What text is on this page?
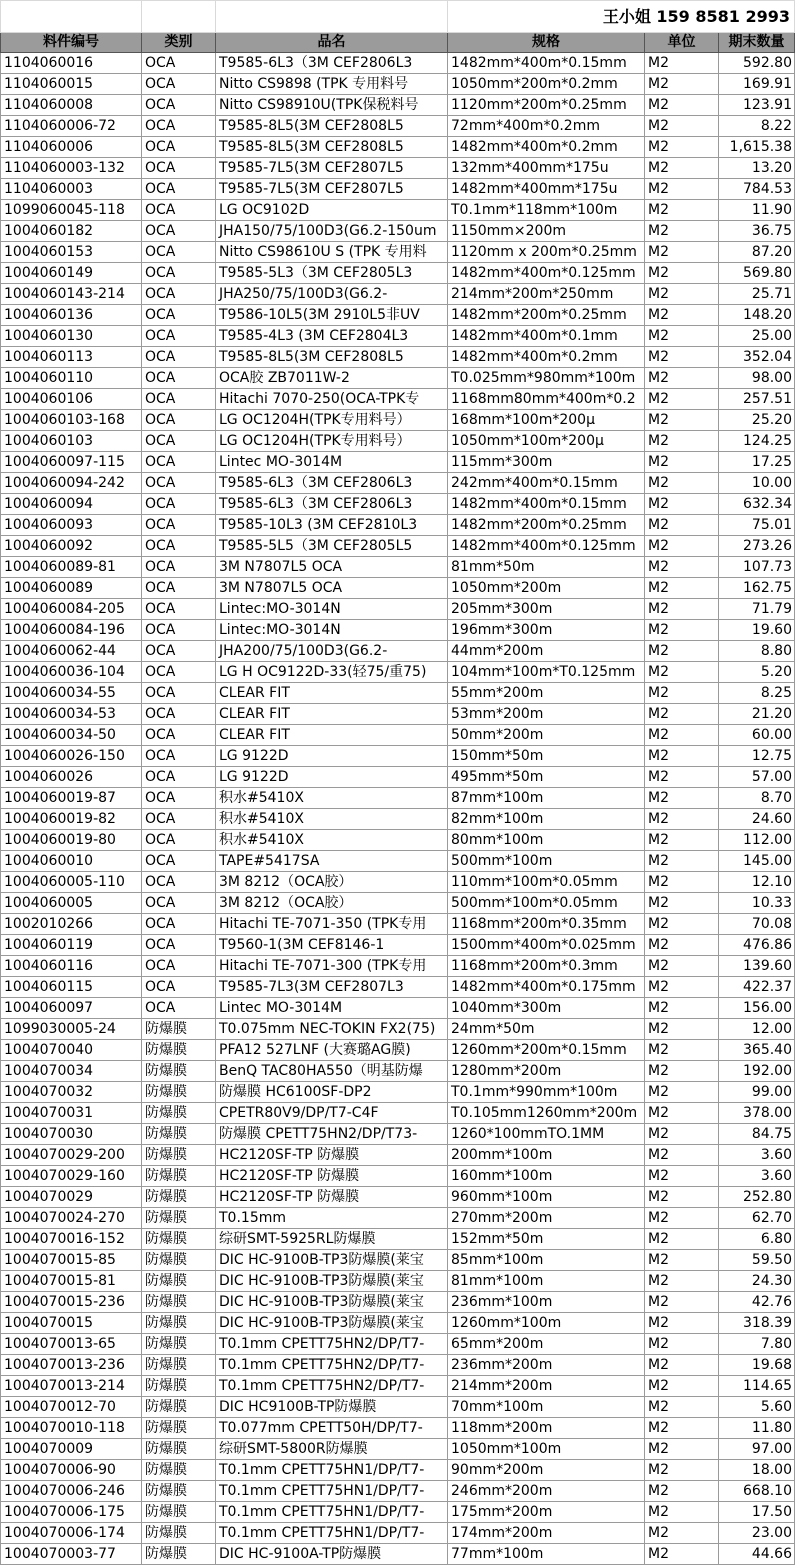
			王小姐 159 8581 2993		
料件编号	类别	品名	规格	单位	期末数量
1104060016	OCA	T9585-6L3（3M CEF2806L3	1482mm*400m*0.15mm	M2	592.80
1104060015	OCA	Nitto CS9898 (TPK 专用料号	1050mm*200m*0.2mm	M2	169.91
1104060008	OCA	Nitto CS98910U(TPK保税料号	1120mm*200m*0.25mm	M2	123.91
1104060006-72	OCA	T9585-8L5(3M CEF2808L5	72mm*400m*0.2mm	M2	8.22
1104060006	OCA	T9585-8L5(3M CEF2808L5	1482mm*400m*0.2mm	M2	1,615.38
1104060003-132	OCA	T9585-7L5(3M CEF2807L5	132mm*400mm*175u	M2	13.20
1104060003	OCA	T9585-7L5(3M CEF2807L5	1482mm*400mm*175u	M2	784.53
1099060045-118	OCA	LG OC9102D	T0.1mm*118mm*100m	M2	11.90
1004060182	OCA	JHA150/75/100D3(G6.2-150um	1150mm×200m	M2	36.75
1004060153	OCA	Nitto CS98610U S (TPK 专用料	1120mm x 200m*0.25mm	M2	87.20
1004060149	OCA	T9585-5L3（3M CEF2805L3	1482mm*400m*0.125mm	M2	569.80
1004060143-214	OCA	JHA250/75/100D3(G6.2-	214mm*200m*250mm	M2	25.71
1004060136	OCA	T9586-10L5(3M 2910L5非UV	1482mm*200m*0.25mm	M2	148.20
1004060130	OCA	T9585-4L3 (3M CEF2804L3	1482mm*400m*0.1mm	M2	25.00
1004060113	OCA	T9585-8L5(3M CEF2808L5	1482mm*400m*0.2mm	M2	352.04
1004060110	OCA	OCA胶 ZB7011W-2	T0.025mm*980mm*100m	M2	98.00
1004060106	OCA	Hitachi 7070-250(OCA-TPK专	1168mm80mm*400m*0.2	M2	257.51
1004060103-168	OCA	LG OC1204H(TPK专用料号）	168mm*100m*200μ	M2	25.20
1004060103	OCA	LG OC1204H(TPK专用料号）	1050mm*100m*200μ	M2	124.25
1004060097-115	OCA	Lintec MO-3014M	115mm*300m	M2	17.25
1004060094-242	OCA	T9585-6L3（3M CEF2806L3	242mm*400m*0.15mm	M2	10.00
1004060094	OCA	T9585-6L3（3M CEF2806L3	1482mm*400m*0.15mm	M2	632.34
1004060093	OCA	T9585-10L3 (3M CEF2810L3	1482mm*200m*0.25mm	M2	75.01
1004060092	OCA	T9585-5L5（3M CEF2805L5	1482mm*400m*0.125mm	M2	273.26
1004060089-81	OCA	3M N7807L5 OCA	81mm*50m	M2	107.73
1004060089	OCA	3M N7807L5 OCA	1050mm*200m	M2	162.75
1004060084-205	OCA	Lintec:MO-3014N	205mm*300m	M2	71.79
1004060084-196	OCA	Lintec:MO-3014N	196mm*300m	M2	19.60
1004060062-44	OCA	JHA200/75/100D3(G6.2-	44mm*200m	M2	8.80
1004060036-104	OCA	LG H OC9122D-33(轻75/重75)	104mm*100m*T0.125mm	M2	5.20
1004060034-55	OCA	CLEAR FIT	55mm*200m	M2	8.25
1004060034-53	OCA	CLEAR FIT	53mm*200m	M2	21.20
1004060034-50	OCA	CLEAR FIT	50mm*200m	M2	60.00
1004060026-150	OCA	LG 9122D	150mm*50m	M2	12.75
1004060026	OCA	LG 9122D	495mm*50m	M2	57.00
1004060019-87	OCA	积水#5410X	87mm*100m	M2	8.70
1004060019-82	OCA	积水#5410X	82mm*100m	M2	24.60
1004060019-80	OCA	积水#5410X	80mm*100m	M2	112.00
1004060010	OCA	TAPE#5417SA	500mm*100m	M2	145.00
1004060005-110	OCA	3M 8212（OCA胶）	110mm*100m*0.05mm	M2	12.10
1004060005	OCA	3M 8212（OCA胶）	500mm*100m*0.05mm	M2	10.33
1002010266	OCA	Hitachi TE-7071-350 (TPK专用	1168mm*200m*0.35mm	M2	70.08
1004060119	OCA	T9560-1(3M CEF8146-1	1500mm*400m*0.025mm	M2	476.86
1004060116	OCA	Hitachi TE-7071-300 (TPK专用	1168mm*200m*0.3mm	M2	139.60
1004060115	OCA	T9585-7L3(3M CEF2807L3	1482mm*400m*0.175mm	M2	422.37
1004060097	OCA	Lintec MO-3014M	1040mm*300m	M2	156.00
1099030005-24	防爆膜	T0.075mm NEC-TOKIN FX2(75)	24mm*50m	M2	12.00
1004070040	防爆膜	PFA12 527LNF (大赛璐AG膜)	1260mm*200m*0.15mm	M2	365.40
1004070034	防爆膜	BenQ TAC80HA550（明基防爆	1280mm*200m	M2	192.00
1004070032	防爆膜	防爆膜 HC6100SF-DP2	T0.1mm*990mm*100m	M2	99.00
1004070031	防爆膜	CPETR80V9/DP/T7-C4F	T0.105mm1260mm*200m	M2	378.00
1004070030	防爆膜	防爆膜 CPETT75HN2/DP/T73-	1260*100mmTO.1MM	M2	84.75
1004070029-200	防爆膜	HC2120SF-TP 防爆膜	200mm*100m	M2	3.60
1004070029-160	防爆膜	HC2120SF-TP 防爆膜	160mm*100m	M2	3.60
1004070029	防爆膜	HC2120SF-TP 防爆膜	960mm*100m	M2	252.80
1004070024-270	防爆膜	T0.15mm	270mm*200m	M2	62.70
1004070016-152	防爆膜	综研SMT-5925RL防爆膜	152mm*50m	M2	6.80
1004070015-85	防爆膜	DIC HC-9100B-TP3防爆膜(莱宝	85mm*100m	M2	59.50
1004070015-81	防爆膜	DIC HC-9100B-TP3防爆膜(莱宝	81mm*100m	M2	24.30
1004070015-236	防爆膜	DIC HC-9100B-TP3防爆膜(莱宝	236mm*100m	M2	42.76
1004070015	防爆膜	DIC HC-9100B-TP3防爆膜(莱宝	1260mm*100m	M2	318.39
1004070013-65	防爆膜	T0.1mm CPETT75HN2/DP/T7-	65mm*200m	M2	7.80
1004070013-236	防爆膜	T0.1mm CPETT75HN2/DP/T7-	236mm*200m	M2	19.68
1004070013-214	防爆膜	T0.1mm CPETT75HN2/DP/T7-	214mm*200m	M2	114.65
1004070012-70	防爆膜	DIC HC9100B-TP防爆膜	70mm*100m	M2	5.60
1004070010-118	防爆膜	T0.077mm CPETT50H/DP/T7-	118mm*200m	M2	11.80
1004070009	防爆膜	综研SMT-5800R防爆膜	1050mm*100m	M2	97.00
1004070006-90	防爆膜	T0.1mm CPETT75HN1/DP/T7-	90mm*200m	M2	18.00
1004070006-246	防爆膜	T0.1mm CPETT75HN1/DP/T7-	246mm*200m	M2	668.10
1004070006-175	防爆膜	T0.1mm CPETT75HN1/DP/T7-	175mm*200m	M2	17.50
1004070006-174	防爆膜	T0.1mm CPETT75HN1/DP/T7-	174mm*200m	M2	23.00
1004070003-77	防爆膜	DIC HC-9100A-TP防爆膜	77mm*100m	M2	44.66
